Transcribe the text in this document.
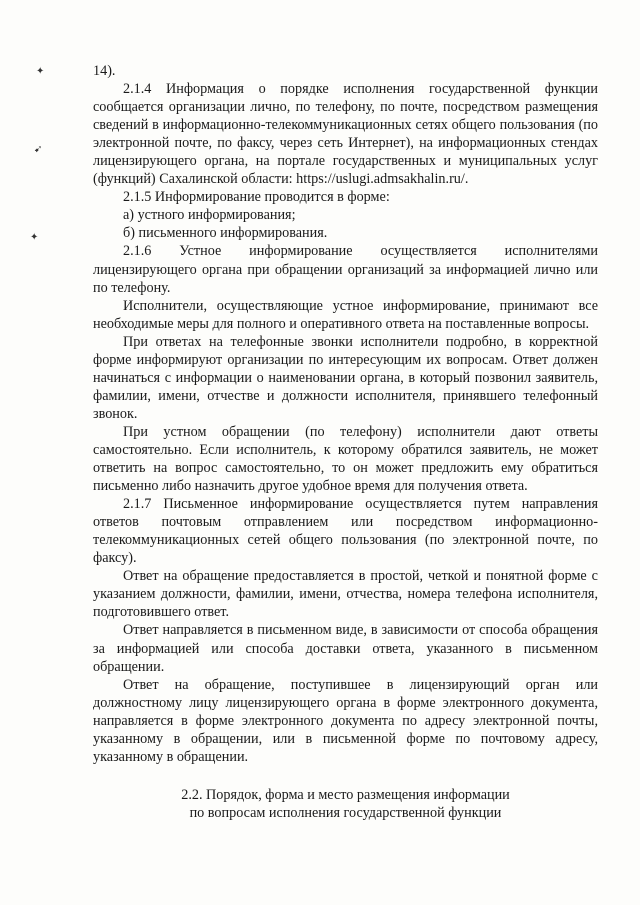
✦
➹
✦

14).

2.1.4 Информация о порядке исполнения государственной функции сообщается организации лично, по телефону, по почте, посредством размещения сведений в информационно-телекоммуникационных сетях общего пользования (по электронной почте, по факсу, через сеть Интернет), на информационных стендах лицензирующего органа, на портале государственных и муниципальных услуг (функций) Сахалинской области: https://uslugi.admsakhalin.ru/.

2.1.5 Информирование проводится в форме:

а) устного информирования;

б) письменного информирования.

2.1.6 Устное информирование осуществляется исполнителями лицензирующего органа при обращении организаций за информацией лично или по телефону.

Исполнители, осуществляющие устное информирование, принимают все необходимые меры для полного и оперативного ответа на поставленные вопросы.

При ответах на телефонные звонки исполнители подробно, в корректной форме информируют организации по интересующим их вопросам. Ответ должен начинаться с информации о наименовании органа, в который позвонил заявитель, фамилии, имени, отчестве и должности исполнителя, принявшего телефонный звонок.

При устном обращении (по телефону) исполнители дают ответы самостоятельно. Если исполнитель, к которому обратился заявитель, не может ответить на вопрос самостоятельно, то он может предложить ему обратиться письменно либо назначить другое удобное время для получения ответа.

2.1.7 Письменное информирование осуществляется путем направления ответов почтовым отправлением или посредством информационно-телекоммуникационных сетей общего пользования (по электронной почте, по факсу).

Ответ на обращение предоставляется в простой, четкой и понятной форме с указанием должности, фамилии, имени, отчества, номера телефона исполнителя, подготовившего ответ.

Ответ направляется в письменном виде, в зависимости от способа обращения за информацией или способа доставки ответа, указанного в письменном обращении.

Ответ на обращение, поступившее в лицензирующий орган или должностному лицу лицензирующего органа в форме электронного документа, направляется в форме электронного документа по адресу электронной почты, указанному в обращении, или в письменной форме по почтовому адресу, указанному в обращении.

2.2. Порядок, форма и место размещения информации
по вопросам исполнения государственной функции
